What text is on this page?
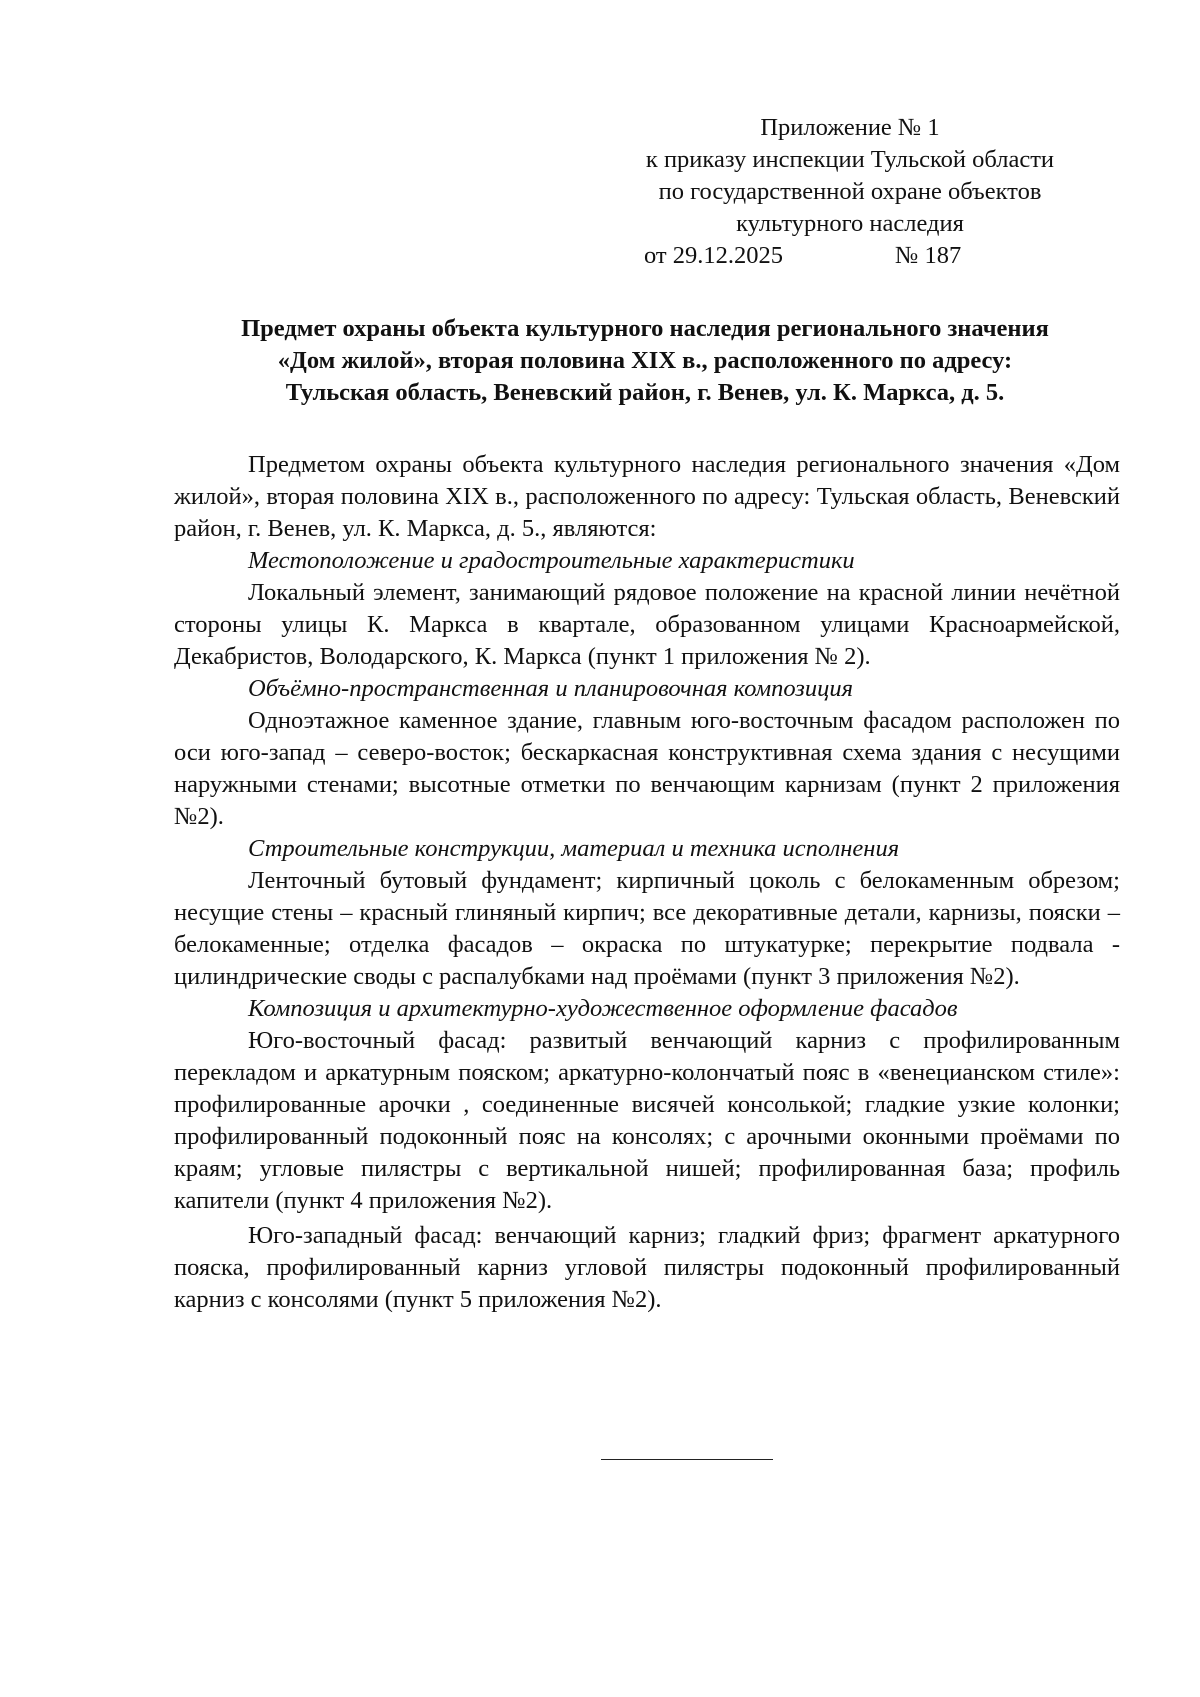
Приложение № 1
к приказу инспекции Тульской области
по государственной охране объектов
культурного наследия
от 29.12.2025	№ 187
Предмет охраны объекта культурного наследия регионального значения
«Дом жилой», вторая половина XIX в., расположенного по адресу:
Тульская область, Веневский район, г. Венев, ул. К. Маркса, д. 5.

Предметом охраны объекта культурного наследия регионального значения «Дом жилой», вторая половина XIX в., расположенного по адресу: Тульская область, Веневский район, г. Венев, ул. К. Маркса, д. 5., являются:

Местоположение и градостроительные характеристики

Локальный элемент, занимающий рядовое положение на красной линии нечётной стороны улицы К. Маркса в квартале, образованном улицами Красноармейской, Декабристов, Володарского, К. Маркса (пункт 1 приложения № 2).

Объёмно-пространственная и планировочная композиция

Одноэтажное каменное здание, главным юго-восточным фасадом расположен по оси юго-запад – северо-восток; бескаркасная конструктивная схема здания с несущими наружными стенами; высотные отметки по венчающим карнизам (пункт 2 приложения №2).

Строительные конструкции, материал и техника исполнения

Ленточный бутовый фундамент; кирпичный цоколь с белокаменным обрезом; несущие стены – красный глиняный кирпич; все декоративные детали, карнизы, пояски – белокаменные; отделка фасадов – окраска по штукатурке; перекрытие подвала - цилиндрические своды с распалубками над проёмами (пункт 3 приложения №2).

Композиция и архитектурно-художественное оформление фасадов

Юго-восточный фасад: развитый венчающий карниз с профилированным перекладом и аркатурным пояском; аркатурно-колончатый пояс в «венецианском стиле»: профилированные арочки , соединенные висячей консолькой; гладкие узкие колонки; профилированный подоконный пояс на консолях; с арочными оконными проёмами по краям; угловые пилястры с вертикальной нишей; профилированная база; профиль капители (пункт 4 приложения №2).

Юго-западный фасад: венчающий карниз; гладкий фриз; фрагмент аркатурного пояска, профилированный карниз угловой пилястры подоконный профилированный карниз с консолями (пункт 5 приложения №2).
